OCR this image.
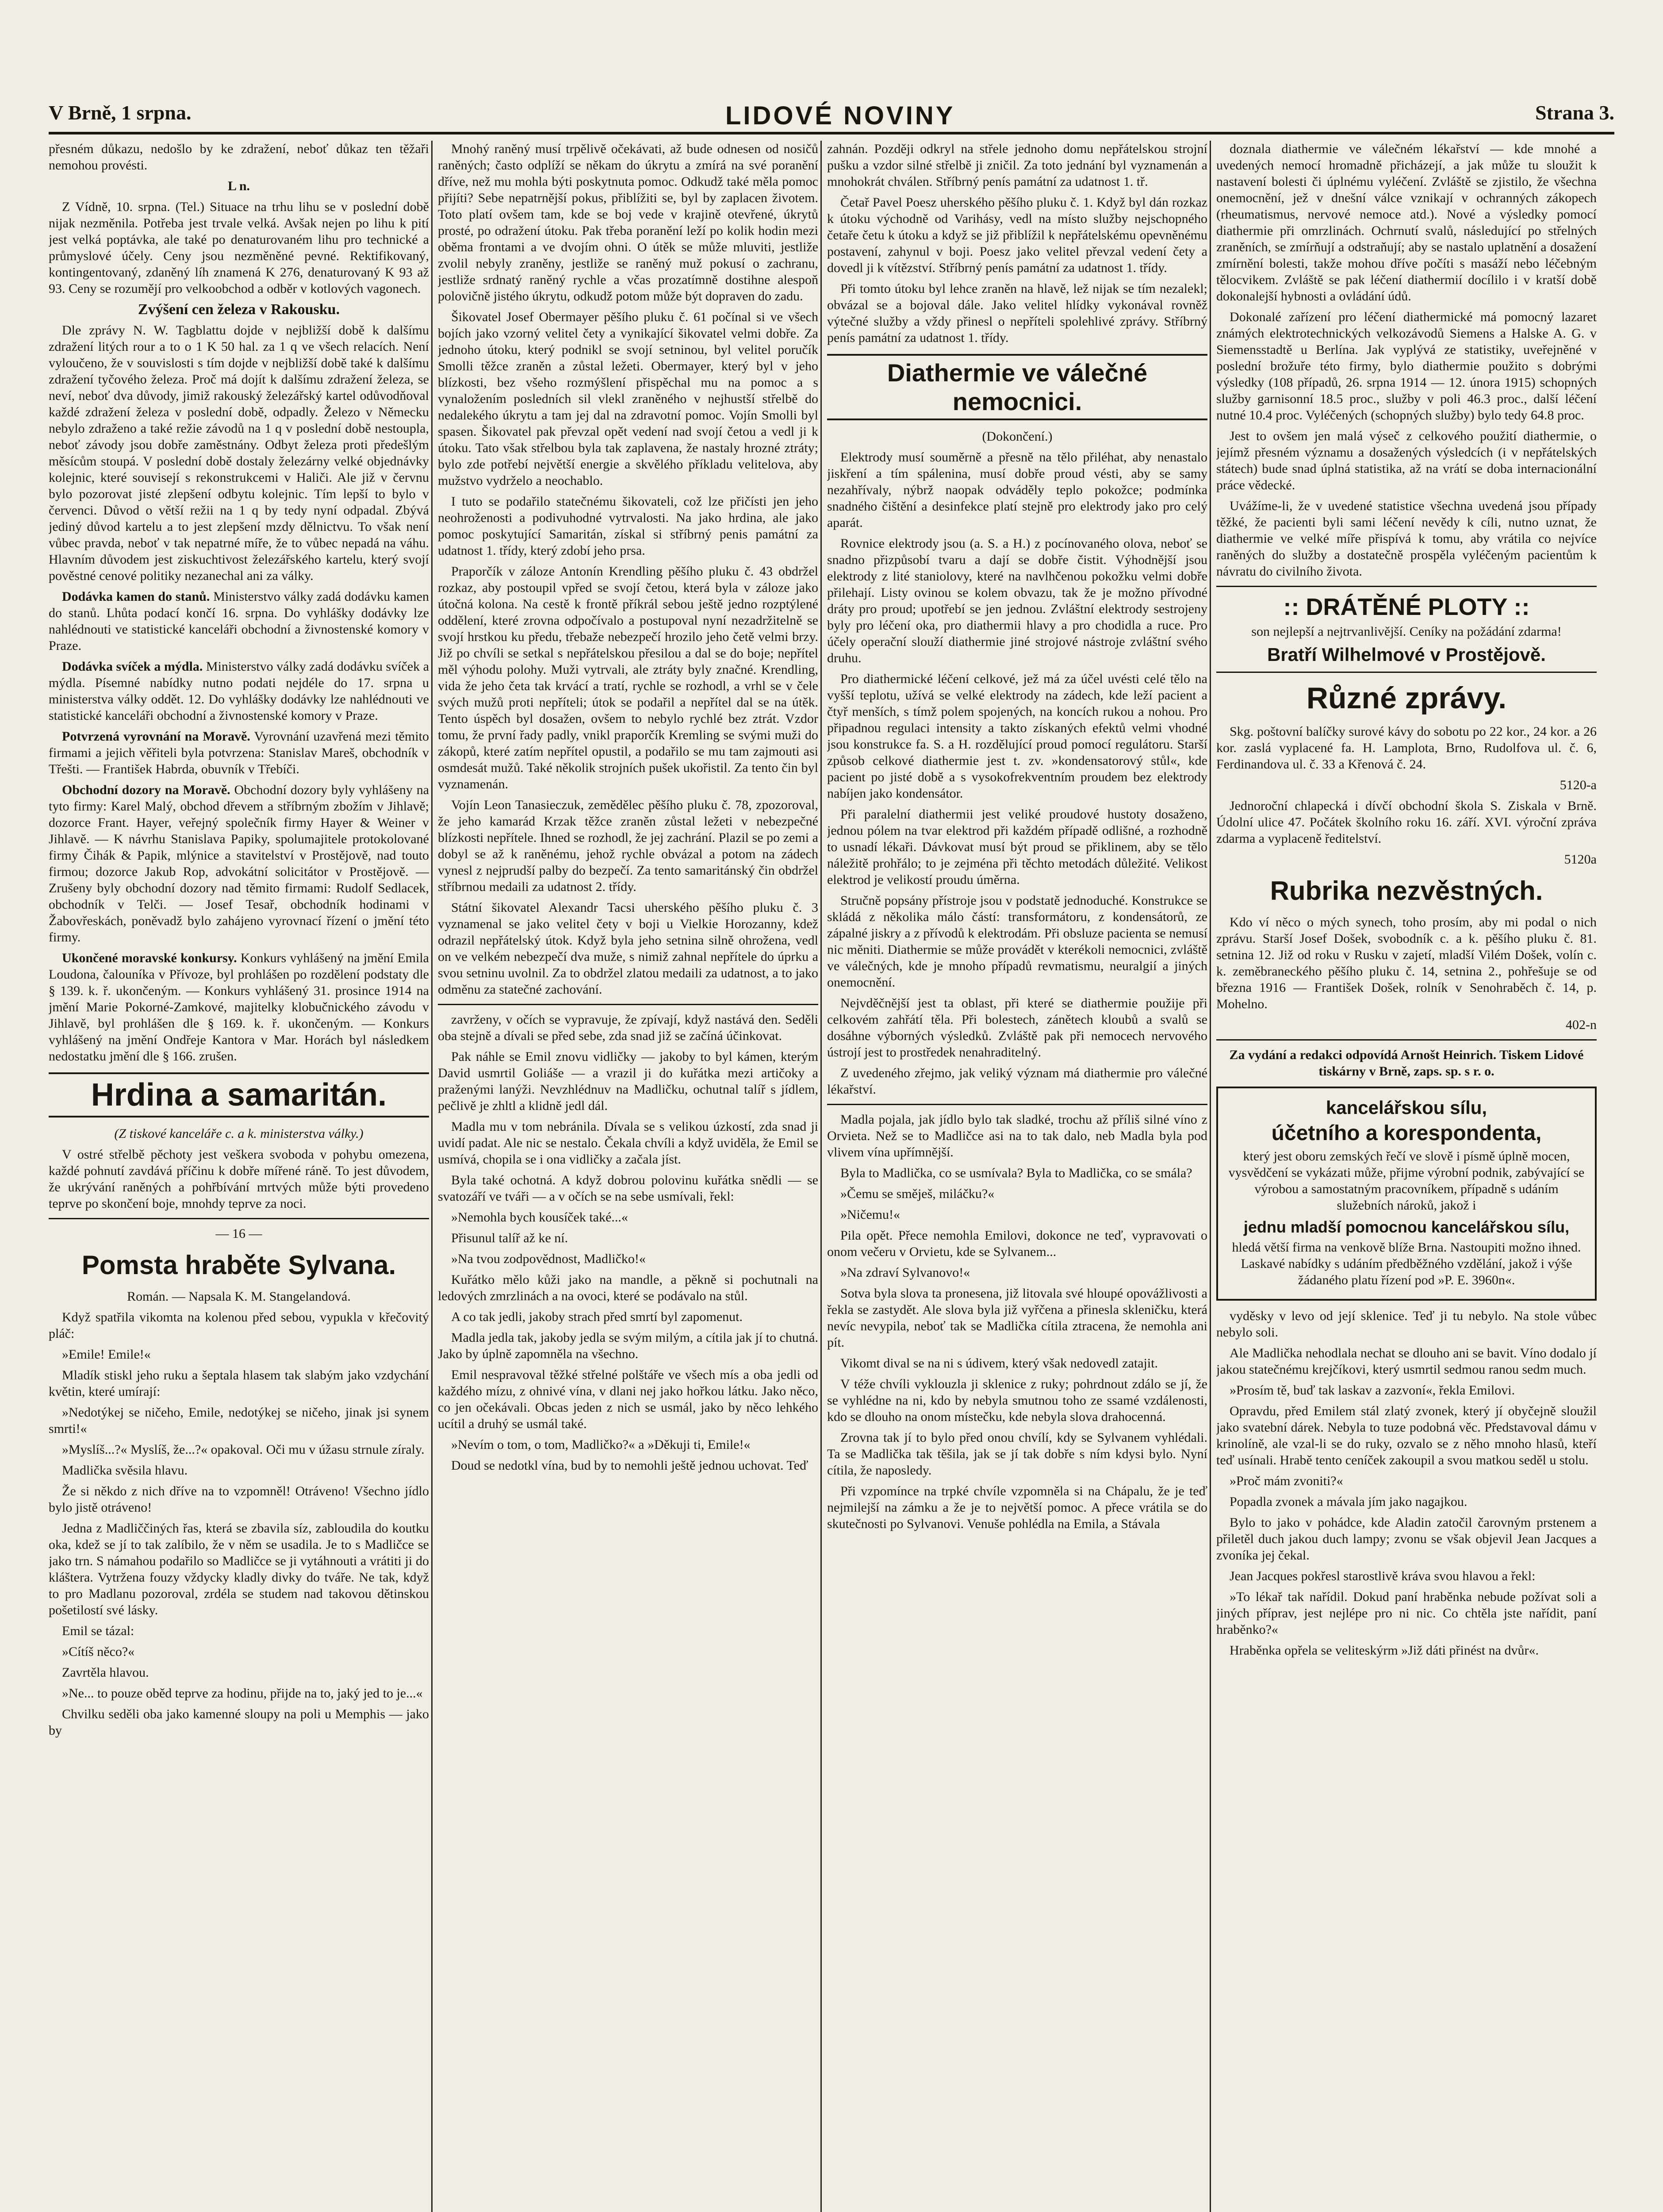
V Brně, 1 srpna.	LIDOVÉ NOVINY	Strana 3.

přesném důkazu, nedošlo by ke zdražení, neboť důkaz ten těžaři nemohou provésti.

L n.

Z Vídně, 10. srpna. (Tel.) Situace na trhu lihu se v poslední době nijak nezměnila. Potřeba jest trvale velká. Avšak nejen po lihu k pití jest velká poptávka, ale také po denaturovaném lihu pro technické a průmyslové účely. Ceny jsou nezměněné pevné. Rektifikovaný, kontingentovaný, zdaněný líh znamená K 276, denaturovaný K 93 až 93. Ceny se rozumějí pro velkoobchod a odběr v kotlových vagonech.

Zvýšení cen železa v Rakousku.

Dle zprávy N. W. Tagblattu dojde v nejbližší době k dalšímu zdražení litých rour a to o 1 K 50 hal. za 1 q ve všech relacích. Není vyloučeno, že v souvislosti s tím dojde v nejbližší době také k dalšímu zdražení tyčového železa. Proč má dojít k dalšímu zdražení železa, se neví, neboť dva důvody, jimiž rakouský železářský kartel odůvodňoval každé zdražení železa v poslední době, odpadly. Železo v Německu nebylo zdraženo a také režie závodů na 1 q v poslední době nestoupla, neboť závody jsou dobře zaměstnány. Odbyt železa proti předešlým měsícům stoupá. V poslední době dostaly železárny velké objednávky kolejnic, které souvisejí s rekonstrukcemi v Haliči. Ale již v červnu bylo pozorovat jisté zlepšení odbytu kolejnic. Tím lepší to bylo v červenci. Důvod o větší režii na 1 q by tedy nyní odpadal. Zbývá jediný důvod kartelu a to jest zlepšení mzdy dělnictvu. To však není vůbec pravda, neboť v tak nepatrné míře, že to vůbec nepadá na váhu. Hlavním důvodem jest ziskuchtivost železářského kartelu, který svojí pověstné cenové politiky nezanechal ani za války.

Dodávka kamen do stanů. Ministerstvo války zadá dodávku kamen do stanů. Lhůta podací končí 16. srpna. Do vyhlášky dodávky lze nahlédnouti ve statistické kanceláři obchodní a živnostenské komory v Praze.

Dodávka svíček a mýdla. Ministerstvo války zadá dodávku svíček a mýdla. Písemné nabídky nutno podati nejdéle do 17. srpna u ministerstva války oddět. 12. Do vyhlášky dodávky lze nahlédnouti ve statistické kanceláři obchodní a živnostenské komory v Praze.

Potvrzená vyrovnání na Moravě. Vyrovnání uzavřená mezi těmito firmami a jejich věřiteli byla potvrzena: Stanislav Mareš, obchodník v Třešti. — František Habrda, obuvník v Třebíči.

Obchodní dozory na Moravě. Obchodní dozory byly vyhlášeny na tyto firmy: Karel Malý, obchod dřevem a stříbrným zbožím v Jihlavě; dozorce Frant. Hayer, veřejný společník firmy Hayer & Weiner v Jihlavě. — K návrhu Stanislava Papiky, spolumajitele protokolované firmy Čihák & Papik, mlýnice a stavitelství v Prostějově, nad touto firmou; dozorce Jakub Rop, advokátní solicitátor v Prostějově. — Zrušeny byly obchodní dozory nad těmito firmami: Rudolf Sedlacek, obchodník v Telči. — Josef Tesař, obchodník hodinami v Žabovřeskách, poněvadž bylo zahájeno vyrovnací řízení o jmění této firmy.

Ukončené moravské konkursy. Konkurs vyhlášený na jmění Emila Loudona, čalouníka v Přívoze, byl prohlášen po rozdělení podstaty dle § 139. k. ř. ukončeným. — Konkurs vyhlášený 31. prosince 1914 na jmění Marie Pokorné-Zamkové, majitelky klobučnického závodu v Jihlavě, byl prohlášen dle § 169. k. ř. ukončeným. — Konkurs vyhlášený na jmění Ondřeje Kantora v Mar. Horách byl následkem nedostatku jmění dle § 166. zrušen.

Hrdina a samaritán.

(Z tiskové kanceláře c. a k. ministerstva války.)

V ostré střelbě pěchoty jest veškera svoboda v pohybu omezena, každé pohnutí zavdává příčinu k dobře mířené ráně. To jest důvodem, že ukrývání raněných a pohřbívání mrtvých může býti provedeno teprve po skončení boje, mnohdy teprve za noci.

— 16 —

Pomsta hraběte Sylvana.

Román. — Napsala K. M. Stangelandová.

Když spatřila vikomta na kolenou před sebou, vypukla v křečovitý pláč:

»Emile! Emile!«

Mladík stiskl jeho ruku a šeptala hlasem tak slabým jako vzdychání květin, které umírají:

»Nedotýkej se ničeho, Emile, nedotýkej se ničeho, jinak jsi synem smrti!«

»Myslíš...?« Myslíš, že...?« opakoval. Oči mu v úžasu strnule zíraly.

Madlička svěsila hlavu.

Že si někdo z nich dříve na to vzpomněl! Otráveno! Všechno jídlo bylo jistě otráveno!

Jedna z Madliččiných řas, která se zbavila síz, zabloudila do koutku oka, kdež se jí to tak zalíbilo, že v něm se usadila. Je to s Madličce se jako trn. S námahou podařilo so Madličce se ji vytáhnouti a vrátiti ji do kláštera. Vytržena fouzy vždycky kladly divky do tváře. Ne tak, když to pro Madlanu pozoroval, zrdéla se studem nad takovou dětinskou pošetilostí své lásky.

Emil se tázal:

»Cítíš něco?«

Zavrtěla hlavou.

»Ne... to pouze oběd teprve za hodinu, přijde na to, jaký jed to je...«

Chvilku seděli oba jako kamenné sloupy na poli u Memphis — jako by

Mnohý raněný musí trpělivě očekávati, až bude odnesen od nosičů raněných; často odplíží se někam do úkrytu a zmírá na své poranění dříve, než mu mohla býti poskytnuta pomoc. Odkudž také měla pomoc přijíti? Sebe nepatrnější pokus, přiblížiti se, byl by zaplacen životem. Toto platí ovšem tam, kde se boj vede v krajině otevřené, úkrytů prosté, po odražení útoku. Pak třeba poranění leží po kolik hodin mezi oběma frontami a ve dvojím ohni. O útěk se může mluviti, jestliže zvolil nebyly zraněny, jestliže se raněný muž pokusí o zachranu, jestliže srdnatý raněný rychle a včas prozatímně dostihne alespoň polovičně jistého úkrytu, odkudž potom může být dopraven do zadu.

Šikovatel Josef Obermayer pěšího pluku č. 61 počínal si ve všech bojích jako vzorný velitel čety a vynikající šikovatel velmi dobře. Za jednoho útoku, který podnikl se svojí setninou, byl velitel poručík Smolli těžce zraněn a zůstal ležeti. Obermayer, který byl v jeho blízkosti, bez všeho rozmýšlení přispěchal mu na pomoc a s vynaložením posledních sil vlekl zraněného v nejhustší střelbě do nedalekého úkrytu a tam jej dal na zdravotní pomoc. Vojín Smolli byl spasen. Šikovatel pak převzal opět vedení nad svojí četou a vedl ji k útoku. Tato však střelbou byla tak zaplavena, že nastaly hrozné ztráty; bylo zde potřebí největší energie a skvělého příkladu velitelova, aby mužstvo vydrželo a neochablo.

I tuto se podařilo statečnému šikovateli, což lze přičísti jen jeho neohroženosti a podivuhodné vytrvalosti. Na jako hrdina, ale jako pomoc poskytující Samaritán, získal si stříbrný penis památní za udatnost 1. třídy, který zdobí jeho prsa.

Praporčík v záloze Antonín Krendling pěšího pluku č. 43 obdržel rozkaz, aby postoupil vpřed se svojí četou, která byla v záloze jako útočná kolona. Na cestě k frontě příkrál sebou ještě jedno rozptýlené oddělení, které zrovna odpočívalo a postupoval nyní nezadržitelně se svojí hrstkou ku předu, třebaže nebezpečí hrozilo jeho četě velmi brzy. Již po chvíli se setkal s nepřátelskou přesilou a dal se do boje; nepřítel měl výhodu polohy. Muži vytrvali, ale ztráty byly značné. Krendling, vida že jeho četa tak krvácí a tratí, rychle se rozhodl, a vrhl se v čele svých mužů proti nepříteli; útok se podařil a nepřítel dal se na útěk. Tento úspěch byl dosažen, ovšem to nebylo rychlé bez ztrát. Vzdor tomu, že první řady padly, vnikl praporčík Kremling se svými muži do zákopů, které zatím nepřítel opustil, a podařilo se mu tam zajmouti asi osmdesát mužů. Také několik strojních pušek ukořistil. Za tento čin byl vyznamenán.

Vojín Leon Tanasieczuk, zemědělec pěšího pluku č. 78, zpozoroval, že jeho kamarád Krzak těžce zraněn zůstal ležeti v nebezpečné blízkosti nepřítele. Ihned se rozhodl, že jej zachrání. Plazil se po zemi a dobyl se až k raněnému, jehož rychle obvázal a potom na zádech vynesl z nejprudší palby do bezpečí. Za tento samaritánský čin obdržel stříbrnou medaili za udatnost 2. třídy.

Státní šikovatel Alexandr Tacsi uherského pěšího pluku č. 3 vyznamenal se jako velitel čety v boji u Vielkie Horozanny, kdež odrazil nepřátelský útok. Když byla jeho setnina silně ohrožena, vedl on ve velkém nebezpečí dva muže, s nimiž zahnal nepřítele do úprku a svou setninu uvolnil. Za to obdržel zlatou medaili za udatnost, a to jako odměnu za statečné zachování.

zavrženy, v očích se vypravuje, že zpívají, když nastává den. Seděli oba stejně a dívali se před sebe, zda snad již se začíná účinkovat.

Pak náhle se Emil znovu vidličky — jakoby to byl kámen, kterým David usmrtil Goliáše — a vrazil ji do kuřátka mezi artičoky a praženými lanýži. Nevzhlédnuv na Madličku, ochutnal talíř s jídlem, pečlivě je zhltl a klidně jedl dál.

Madla mu v tom nebránila. Dívala se s velikou úzkostí, zda snad ji uvidí padat. Ale nic se nestalo. Čekala chvíli a když uviděla, že Emil se usmívá, chopila se i ona vidličky a začala jíst.

Byla také ochotná. A když dobrou polovinu kuřátka snědli — se svatozáří ve tváři — a v očích se na sebe usmívali, řekl:

»Nemohla bych kousíček také...«

Přisunul talíř až ke ní.

»Na tvou zodpovědnost, Madličko!«

Kuřátko mělo kůži jako na mandle, a pěkně si pochutnali na ledových zmrzlinách a na ovoci, které se podávalo na stůl.

A co tak jedli, jakoby strach před smrtí byl zapomenut.

Madla jedla tak, jakoby jedla se svým milým, a cítila jak jí to chutná. Jako by úplně zapomněla na všechno.

Emil nespravoval těžké střelné polštáře ve všech mís a oba jedli od každého mízu, z ohnivé vína, v dlani nej jako hořkou látku. Jako něco, co jen očekávali. Obcas jeden z nich se usmál, jako by něco lehkého ucítil a druhý se usmál také.

»Nevím o tom, o tom, Madličko?« a »Děkuji ti, Emile!«

Doud se nedotkl vína, bud by to nemohli ještě jednou uchovat. Teď

zahnán. Později odkryl na střele jednoho domu nepřátelskou strojní pušku a vzdor silné střelbě ji zničil. Za toto jednání byl vyznamenán a mnohokrát chválen. Stříbrný penís památní za udatnost 1. tř.

Četař Pavel Poesz uherského pěšího pluku č. 1. Když byl dán rozkaz k útoku východně od Varihásy, vedl na místo služby nejschopného četaře četu k útoku a když se již přiblížil k nepřátelskému opevněnému postavení, zahynul v boji. Poesz jako velitel převzal vedení čety a dovedl ji k vítězství. Stříbrný penís památní za udatnost 1. třídy.

Při tomto útoku byl lehce zraněn na hlavě, lež nijak se tím nezalekl; obvázal se a bojoval dále. Jako velitel hlídky vykonával rovněž výtečné služby a vždy přinesl o nepříteli spolehlivé zprávy. Stříbrný penís památní za udatnost 1. třídy.

Diathermie ve válečné nemocnici.

(Dokončení.)

Elektrody musí souměrně a přesně na tělo přiléhat, aby nenastalo jiskření a tím spálenina, musí dobře proud vésti, aby se samy nezahřívaly, nýbrž naopak odváděly teplo pokožce; podmínka snadného čištění a desinfekce platí stejně pro elektrody jako pro celý aparát.

Rovnice elektrody jsou (a. S. a H.) z pocínovaného olova, neboť se snadno přizpůsobí tvaru a dají se dobře čistit. Výhodnější jsou elektrody z lité staniolovy, které na navlhčenou pokožku velmi dobře přilehají. Listy ovinou se kolem obvazu, tak že je možno přívodné dráty pro proud; upotřebí se jen jednou. Zvláštní elektrody sestrojeny byly pro léčení oka, pro diathermii hlavy a pro chodidla a ruce. Pro účely operační slouží diathermie jiné strojové nástroje zvláštní svého druhu.

Pro diathermické léčení celkové, jež má za účel uvésti celé tělo na vyšší teplotu, užívá se velké elektrody na zádech, kde leží pacient a čtyř menších, s tímž polem spojených, na koncích rukou a nohou. Pro připadnou regulaci intensity a takto získaných efektů velmi vhodné jsou konstrukce fa. S. a H. rozdělující proud pomocí regulátoru. Starší způsob celkové diathermie jest t. zv. »kondensatorový stůl«, kde pacient po jisté době a s vysokofrekventním proudem bez elektrody nabíjen jako kondensátor.

Při paralelní diathermii jest veliké proudové hustoty dosaženo, jednou pólem na tvar elektrod při každém případě odlišné, a rozhodně to usnadí lékaři. Dávkovat musí být proud se přiklinem, aby se tělo náležitě prohřálo; to je zejména při těchto metodách důležité. Velikost elektrod je velikostí proudu úměrna.

Stručně popsány přístroje jsou v podstatě jednoduché. Konstrukce se skládá z několika málo částí: transformátoru, z kondensátorů, ze zápalné jiskry a z přívodů k elektrodám. Při obsluze pacienta se nemusí nic měniti. Diathermie se může provádět v kterékoli nemocnici, zvláště ve válečných, kde je mnoho případů revmatismu, neuralgií a jiných onemocnění.

Nejvděčnější jest ta oblast, při které se diathermie použije při celkovém zahřátí těla. Při bolestech, zánětech kloubů a svalů se dosáhne výborných výsledků. Zvláště pak při nemocech nervového ústrojí jest to prostředek nenahraditelný.

Z uvedeného zřejmo, jak veliký význam má diathermie pro válečné lékařství.

Madla pojala, jak jídlo bylo tak sladké, trochu až příliš silné víno z Orvieta. Než se to Madličce asi na to tak dalo, neb Madla byla pod vlivem vína upřímnější.

Byla to Madlička, co se usmívala? Byla to Madlička, co se smála?

»Čemu se směješ, miláčku?«

»Ničemu!«

Pila opět. Přece nemohla Emilovi, dokonce ne teď, vypravovati o onom večeru v Orvietu, kde se Sylvanem...

»Na zdraví Sylvanovo!«

Sotva byla slova ta pronesena, již litovala své hloupé opovážlivosti a řekla se zastydět. Ale slova byla již vyřčena a přinesla skleničku, která nevíc nevypila, neboť tak se Madlička cítila ztracena, že nemohla ani pít.

Vikomt dival se na ni s údivem, který však nedovedl zatajit.

V téže chvíli vyklouzla ji sklenice z ruky; pohrdnout zdálo se jí, že se vyhlédne na ni, kdo by nebyla smutnou toho ze ssamé vzdálenosti, kdo se dlouho na onom místečku, kde nebyla slova drahocenná.

Zrovna tak jí to bylo před onou chvílí, kdy se Sylvanem vyhlédali. Ta se Madlička tak těšila, jak se jí tak dobře s ním kdysi bylo. Nyní cítila, že naposledy.

Při vzpomínce na trpké chvíle vzpomněla si na Chápalu, že je teď nejmilejší na zámku a že je to největší pomoc. A přece vrátila se do skutečnosti po Sylvanovi. Venuše pohlédla na Emila, a Stávala

doznala diathermie ve válečném lékařství — kde mnohé a uvedených nemocí hromadně přicházejí, a jak může tu sloužit k nastavení bolesti či úplnému vyléčení. Zvláště se zjistilo, že všechna onemocnění, jež v dnešní válce vznikají v ochranných zákopech (rheumatismus, nervové nemoce atd.). Nové a výsledky pomocí diathermie při omrzlinách. Ochrnutí svalů, následující po střelných zraněních, se zmírňují a odstraňují; aby se nastalo uplatnění a dosažení zmírnění bolesti, takže mohou dříve počíti s masáží nebo léčebným tělocvikem. Zvláště se pak léčení diathermií docílilo i v kratší době dokonalejší hybnosti a ovládání údů.

Dokonalé zařízení pro léčení diathermické má pomocný lazaret známých elektrotechnických velkozávodů Siemens a Halske A. G. v Siemensstadtě u Berlína. Jak vyplývá ze statistiky, uveřejněné v poslední brožuře této firmy, bylo diathermie použito s dobrými výsledky (108 případů, 26. srpna 1914 — 12. února 1915) schopných služby garnisonní 18.5 proc., služby v poli 46.3 proc., další léčení nutné 10.4 proc. Vyléčených (schopných služby) bylo tedy 64.8 proc.

Jest to ovšem jen malá výseč z celkového použití diathermie, o jejímž přesném významu a dosažených výsledcích (i v nepřátelských státech) bude snad úplná statistika, až na vrátí se doba internacionální práce vědecké.

Uvážíme-li, že v uvedené statistice všechna uvedená jsou případy těžké, že pacienti byli sami léčení nevědy k cíli, nutno uznat, že diathermie ve velké míře přispívá k tomu, aby vrátila co nejvíce raněných do služby a dostatečně prospěla vyléčeným pacientům k návratu do civilního života.

:: DRÁTĚNÉ PLOTY ::

son nejlepší a nejtrvanlivější. Ceníky na požádání zdarma!

Bratří Wilhelmové v Prostějově.
Různé zprávy.

Skg. poštovní balíčky surové kávy do sobotu po 22 kor., 24 kor. a 26 kor. zaslá vyplacené fa. H. Lamplota, Brno, Rudolfova ul. č. 6, Ferdinandova ul. č. 33 a Křenová č. 24.

5120-a

Jednoroční chlapecká i dívčí obchodní škola S. Ziskala v Brně. Údolní ulice 47. Počátek školního roku 16. září. XVI. výroční zpráva zdarma a vyplaceně ředitelství.

5120a

Rubrika nezvěstných.

Kdo ví něco o mých synech, toho prosím, aby mi podal o nich zprávu. Starší Josef Došek, svobodník c. a k. pěšího pluku č. 81. setnina 12. Již od roku v Rusku v zajetí, mladší Vilém Došek, volín c. k. zeměbraneckého pěšího pluku č. 14, setnina 2., pohřešuje se od března 1916 — František Došek, rolník v Senohraběch č. 14, p. Mohelno.

402-n

Za vydání a redakci odpovídá Arnošt Heinrich. Tiskem Lidové tiskárny v Brně, zaps. sp. s r. o.

kancelářskou sílu,
účetního a korespondenta,

který jest oboru zemských řečí ve slově i písmě úplně mocen, vysvědčení se vykázati může, přijme výrobní podnik, zabývající se výrobou a samostatným pracovníkem, případně s udáním služebních nároků, jakož i

jednu mladší pomocnou kancelářskou sílu,

hledá větší firma na venkově blíže Brna. Nastoupiti možno ihned. Laskavé nabídky s udáním předběžného vzdělání, jakož i výše žádaného platu řízení pod »P. E. 3960n«.

vyděsky v levo od její sklenice. Teď ji tu nebylo. Na stole vůbec nebylo soli.

Ale Madlička nehodlala nechat se dlouho ani se bavit. Víno dodalo jí jakou statečnému krejčíkovi, který usmrtil sedmou ranou sedm much.

»Prosím tě, buď tak laskav a zazvoní«, řekla Emilovi.

Opravdu, před Emilem stál zlatý zvonek, který jí obyčejně sloužil jako svatební dárek. Nebyla to tuze podobná věc. Představoval dámu v krinolíně, ale vzal-li se do ruky, ozvalo se z něho mnoho hlasů, kteří teď usínali. Hrabě tento ceníček zakoupil a svou matkou seděl u stolu.

»Proč mám zvoniti?«

Popadla zvonek a mávala jím jako nagajkou.

Bylo to jako v pohádce, kde Aladin zatočil čarovným prstenem a přiletěl duch jakou duch lampy; zvonu se však objevil Jean Jacques a zvoníka jej čekal.

Jean Jacques pokřesl starostlivě kráva svou hlavou a řekl:

»To lékař tak nařídil. Dokud paní hraběnka nebude požívat soli a jiných příprav, jest nejlépe pro ni nic. Co chtěla jste nařídit, paní hraběnko?«

Hraběnka opřela se veliteskýrm »Již dáti přinést na dvůr«.
